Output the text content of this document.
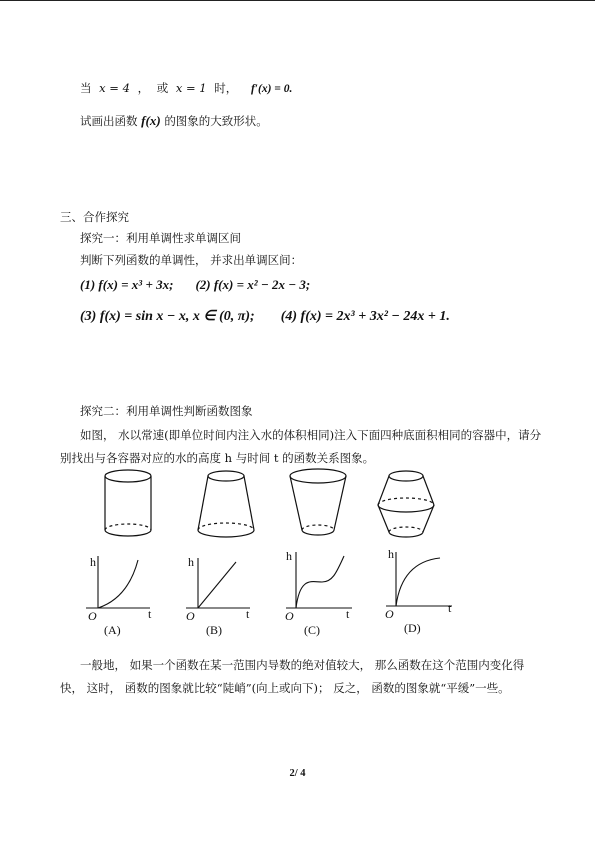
当 x = 4 ， 或 x = 1 时， f′(x) = 0.
试画出函数 f(x) 的图象的大致形状。
三、合作探究
探究一：利用单调性求单调区间
判断下列函数的单调性， 并求出单调区间：
(1) f(x) = x³ + 3x; (2) f(x) = x² − 2x − 3;
(3) f(x) = sin x − x, x ∈ (0, π); (4) f(x) = 2x³ + 3x² − 24x + 1.
探究二：利用单调性判断函数图象
如图， 水以常速(即单位时间内注入水的体积相同)注入下面四种底面积相同的容器中，请分别找出与各容器对应的水的高度 h 与时间 t 的函数关系图象。
h
O	t
(A)
h
O	t
(B)
h
O	t
(C)
h
O	t
(D)
一般地， 如果一个函数在某一范围内导数的绝对值较大， 那么函数在这个范围内变化得快， 这时， 函数的图象就比较“陡峭”(向上或向下)； 反之， 函数的图象就“平缓”一些。
2/ 4
